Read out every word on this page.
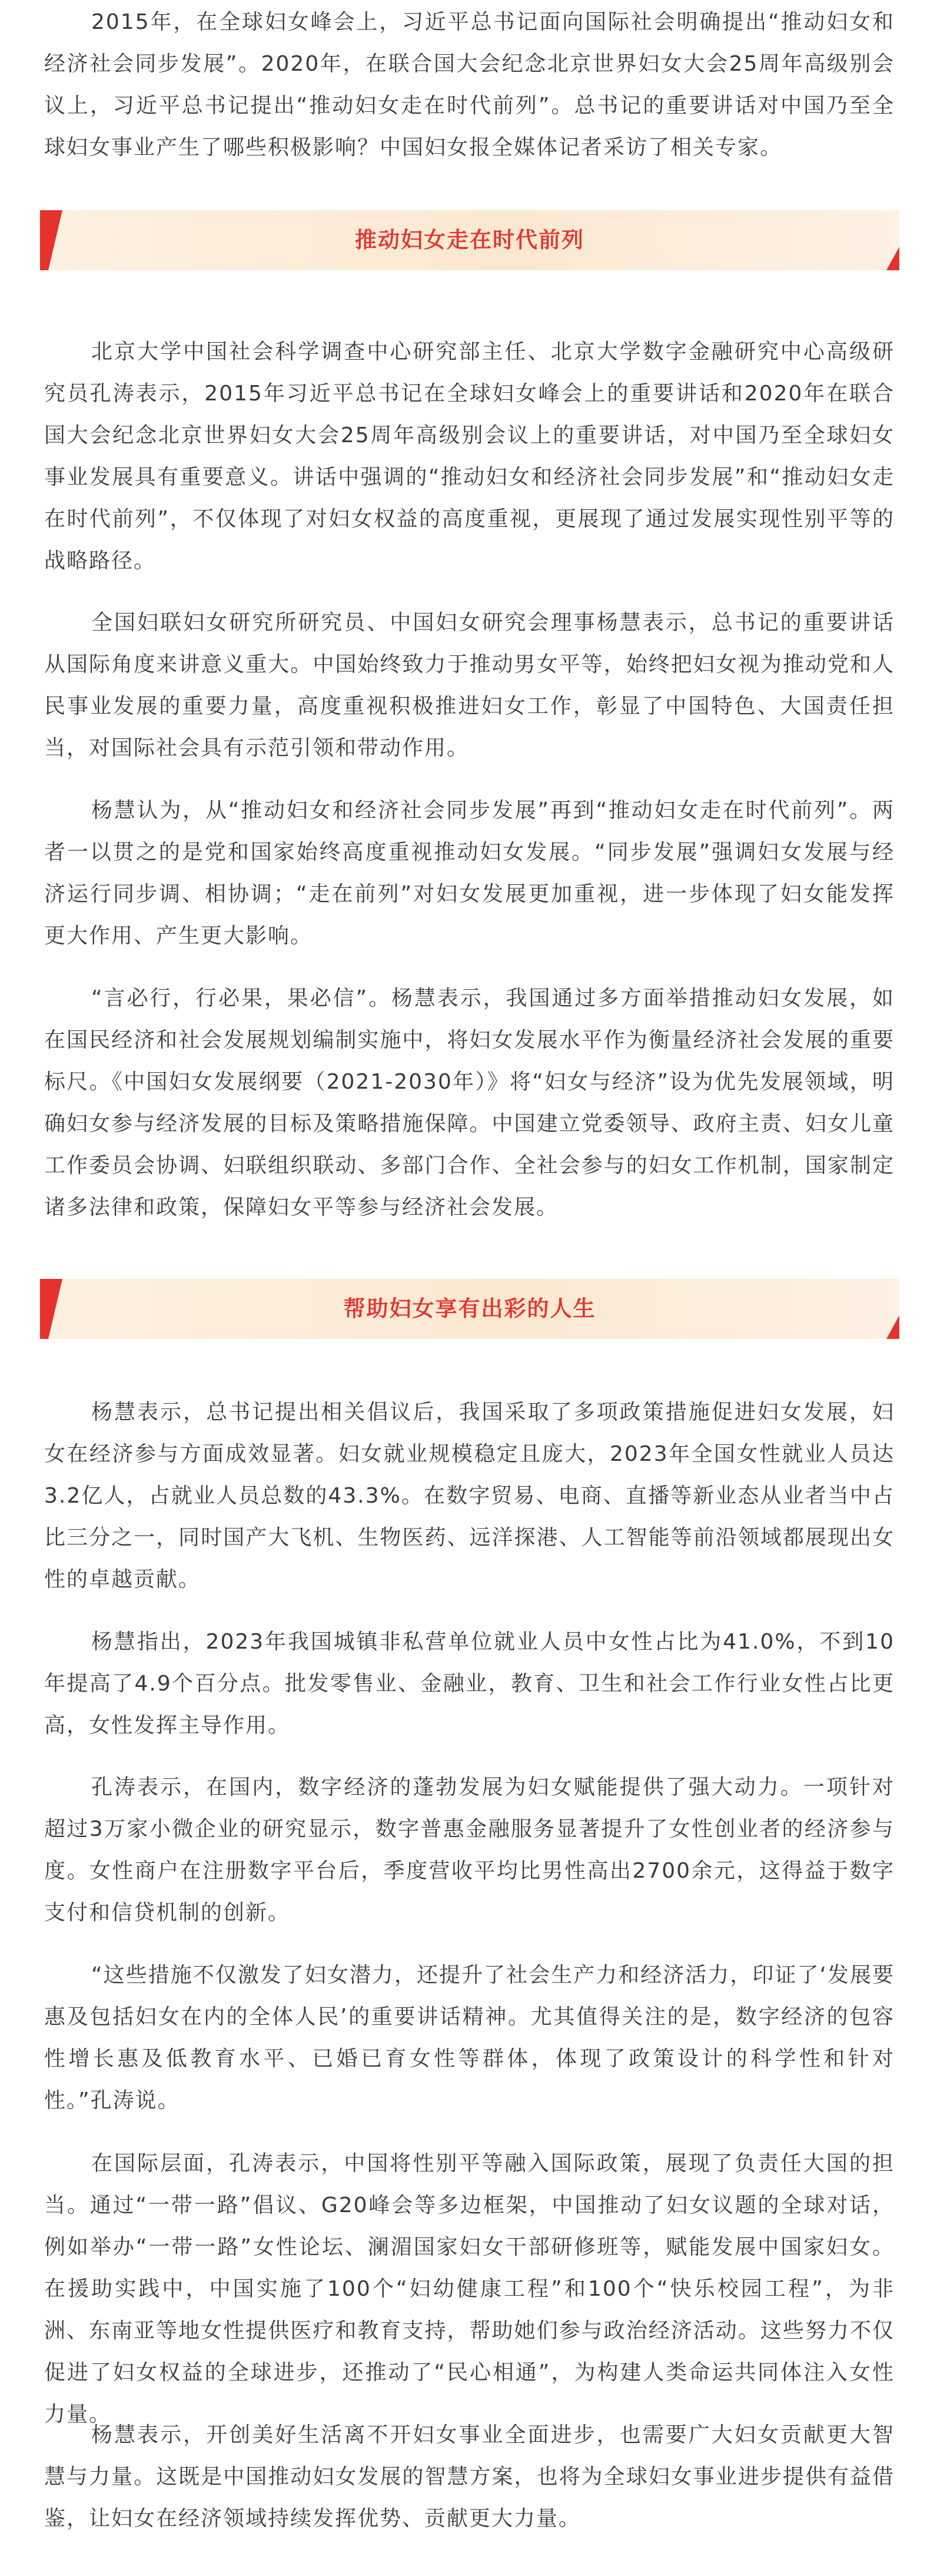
2015年，在全球妇女峰会上，习近平总书记面向国际社会明确提出“推动妇女和经济社会同步发展”。2020年，在联合国大会纪念北京世界妇女大会25周年高级别会议上，习近平总书记提出“推动妇女走在时代前列”。总书记的重要讲话对中国乃至全球妇女事业产生了哪些积极影响？中国妇女报全媒体记者采访了相关专家。

推动妇女走在时代前列

北京大学中国社会科学调查中心研究部主任、北京大学数字金融研究中心高级研究员孔涛表示，2015年习近平总书记在全球妇女峰会上的重要讲话和2020年在联合国大会纪念北京世界妇女大会25周年高级别会议上的重要讲话，对中国乃至全球妇女事业发展具有重要意义。讲话中强调的“推动妇女和经济社会同步发展”和“推动妇女走在时代前列”，不仅体现了对妇女权益的高度重视，更展现了通过发展实现性别平等的战略路径。

全国妇联妇女研究所研究员、中国妇女研究会理事杨慧表示，总书记的重要讲话从国际角度来讲意义重大。中国始终致力于推动男女平等，始终把妇女视为推动党和人民事业发展的重要力量，高度重视积极推进妇女工作，彰显了中国特色、大国责任担当，对国际社会具有示范引领和带动作用。

杨慧认为，从“推动妇女和经济社会同步发展”再到“推动妇女走在时代前列”。两者一以贯之的是党和国家始终高度重视推动妇女发展。“同步发展”强调妇女发展与经济运行同步调、相协调；“走在前列”对妇女发展更加重视，进一步体现了妇女能发挥更大作用、产生更大影响。

“言必行，行必果，果必信”。杨慧表示，我国通过多方面举措推动妇女发展，如在国民经济和社会发展规划编制实施中，将妇女发展水平作为衡量经济社会发展的重要标尺。《中国妇女发展纲要（2021-2030年）》将“妇女与经济”设为优先发展领域，明确妇女参与经济发展的目标及策略措施保障。中国建立党委领导、政府主责、妇女儿童工作委员会协调、妇联组织联动、多部门合作、全社会参与的妇女工作机制，国家制定诸多法律和政策，保障妇女平等参与经济社会发展。

帮助妇女享有出彩的人生

杨慧表示，总书记提出相关倡议后，我国采取了多项政策措施促进妇女发展，妇女在经济参与方面成效显著。妇女就业规模稳定且庞大，2023年全国女性就业人员达3.2亿人，占就业人员总数的43.3%。在数字贸易、电商、直播等新业态从业者当中占比三分之一，同时国产大飞机、生物医药、远洋探港、人工智能等前沿领域都展现出女性的卓越贡献。

杨慧指出，2023年我国城镇非私营单位就业人员中女性占比为41.0%，不到10年提高了4.9个百分点。批发零售业、金融业，教育、卫生和社会工作行业女性占比更高，女性发挥主导作用。

孔涛表示，在国内，数字经济的蓬勃发展为妇女赋能提供了强大动力。一项针对超过3万家小微企业的研究显示，数字普惠金融服务显著提升了女性创业者的经济参与度。女性商户在注册数字平台后，季度营收平均比男性高出2700余元，这得益于数字支付和信贷机制的创新。

“这些措施不仅激发了妇女潜力，还提升了社会生产力和经济活力，印证了‘发展要惠及包括妇女在内的全体人民’的重要讲话精神。尤其值得关注的是，数字经济的包容性增长惠及低教育水平、已婚已育女性等群体，体现了政策设计的科学性和针对性。”孔涛说。

在国际层面，孔涛表示，中国将性别平等融入国际政策，展现了负责任大国的担当。通过“一带一路”倡议、G20峰会等多边框架，中国推动了妇女议题的全球对话，例如举办“一带一路”女性论坛、澜湄国家妇女干部研修班等，赋能发展中国家妇女。在援助实践中，中国实施了100个“妇幼健康工程”和100个“快乐校园工程”，为非洲、东南亚等地女性提供医疗和教育支持，帮助她们参与政治经济活动。这些努力不仅促进了妇女权益的全球进步，还推动了“民心相通”，为构建人类命运共同体注入女性力量。

杨慧表示，开创美好生活离不开妇女事业全面进步，也需要广大妇女贡献更大智慧与力量。这既是中国推动妇女发展的智慧方案，也将为全球妇女事业进步提供有益借鉴，让妇女在经济领域持续发挥优势、贡献更大力量。
